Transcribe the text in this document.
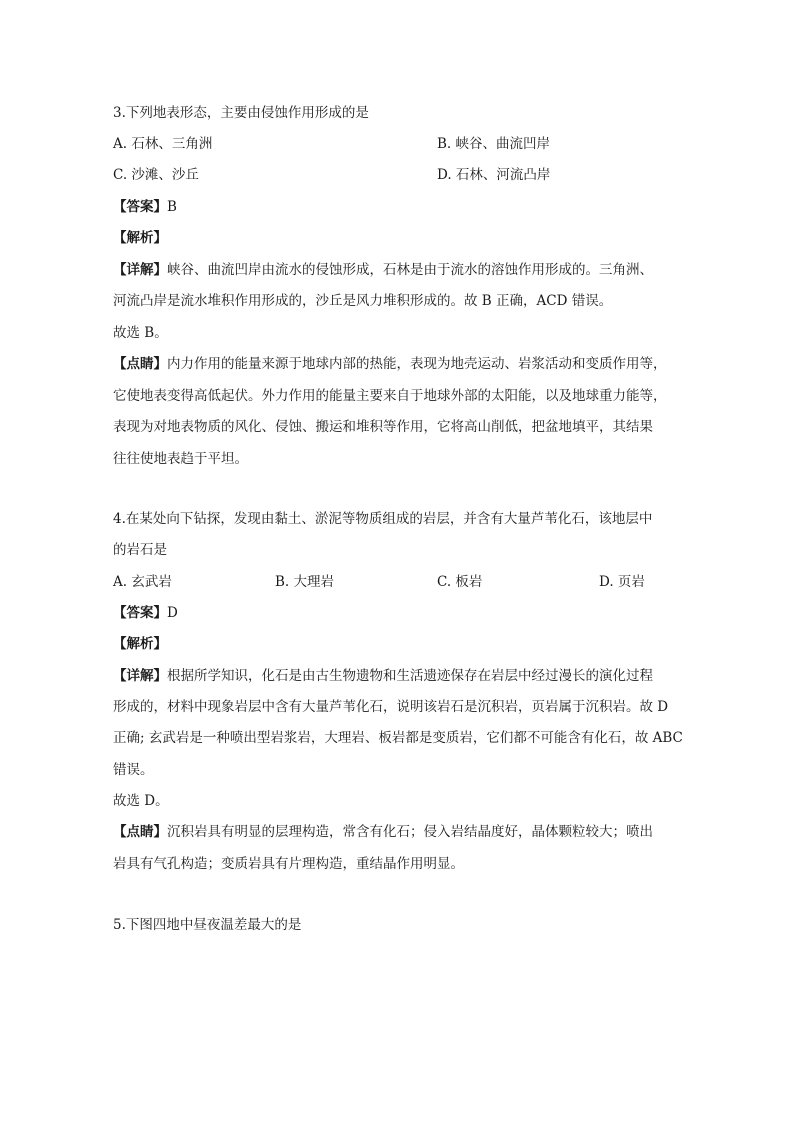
3.下列地表形态，主要由侵蚀作用形成的是
A. 石林、三角洲	B. 峡谷、曲流凹岸
C. 沙滩、沙丘	D. 石林、河流凸岸
【答案】B
【解析】
【详解】峡谷、曲流凹岸由流水的侵蚀形成，石林是由于流水的溶蚀作用形成的。三角洲、
河流凸岸是流水堆积作用形成的，沙丘是风力堆积形成的。故 B 正确，ACD 错误。
故选 B。
【点睛】内力作用的能量来源于地球内部的热能，表现为地壳运动、岩浆活动和变质作用等，
它使地表变得高低起伏。外力作用的能量主要来自于地球外部的太阳能，以及地球重力能等，
表现为对地表物质的风化、侵蚀、搬运和堆积等作用，它将高山削低，把盆地填平，其结果
往往使地表趋于平坦。
4.在某处向下钻探，发现由黏土、淤泥等物质组成的岩层，并含有大量芦苇化石，该地层中
的岩石是
A. 玄武岩	B. 大理岩	C. 板岩	D. 页岩
【答案】D
【解析】
【详解】根据所学知识，化石是由古生物遗物和生活遗迹保存在岩层中经过漫长的演化过程
形成的，材料中现象岩层中含有大量芦苇化石，说明该岩石是沉积岩，页岩属于沉积岩。故 D
正确; 玄武岩是一种喷出型岩浆岩，大理岩、板岩都是变质岩，它们都不可能含有化石，故 ABC
错误。
故选 D。
【点睛】沉积岩具有明显的层理构造，常含有化石；侵入岩结晶度好，晶体颗粒较大；喷出
岩具有气孔构造；变质岩具有片理构造，重结晶作用明显。
5.下图四地中昼夜温差最大的是
